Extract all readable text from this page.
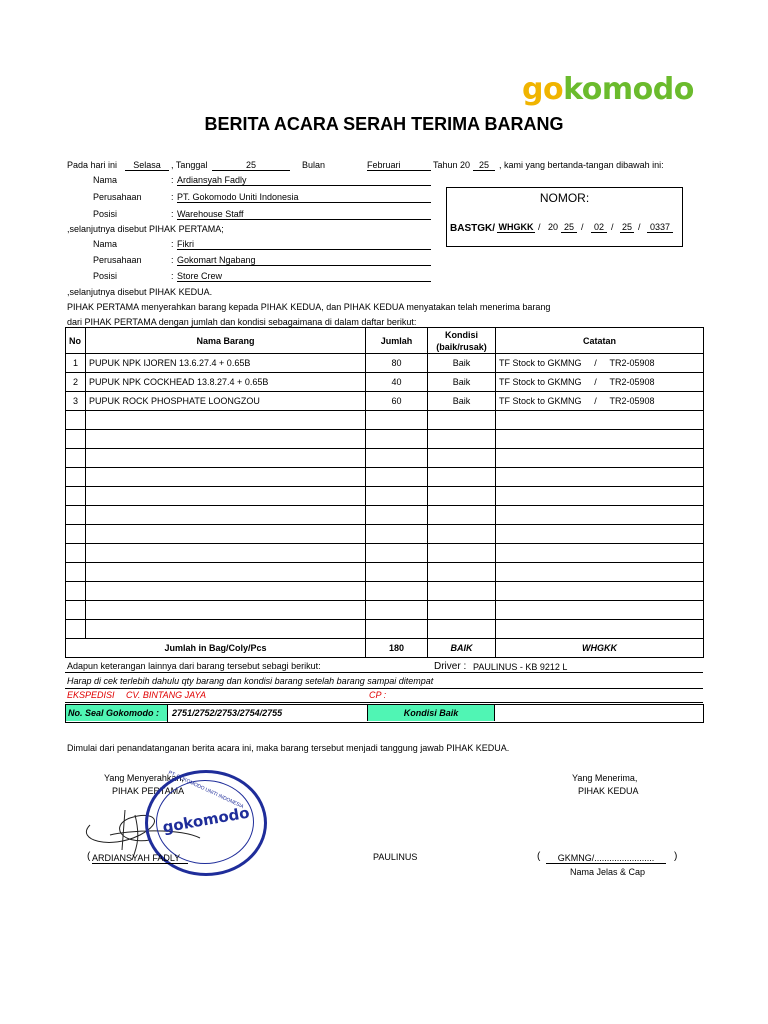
gokomodo
BERITA ACARA SERAH TERIMA BARANG
Pada hari ini	Selasa	, Tanggal	25	Bulan	Februari	Tahun 20 25	, kami yang bertanda-tangan dibawah ini:
Nama	: Ardiansyah Fadly
Perusahaan	: PT. Gokomodo Uniti Indonesia
Posisi	: Warehouse Staff
,selanjutnya disebut PIHAK PERTAMA;
Nama	: Fikri
Perusahaan	: Gokomart Ngabang
Posisi	: Store Crew
,selanjutnya disebut PIHAK KEDUA.
NOMOR:
BASTGK/ WHGKK / 20 25 /	02 / 25 /	0337
PIHAK PERTAMA menyerahkan barang kepada PIHAK KEDUA, dan PIHAK KEDUA menyatakan telah menerima barang
dari PIHAK PERTAMA dengan jumlah dan kondisi sebagaimana di dalam daftar berikut:
No	Nama Barang	Jumlah	Kondisi
(baik/rusak)	Catatan
1	PUPUK NPK IJOREN 13.6.27.4 + 0.65B	80	Baik	TF Stock to GKMNG / TR2-05908
2	PUPUK NPK COCKHEAD 13.8.27.4 + 0.65B	40	Baik	TF Stock to GKMNG / TR2-05908
3	PUPUK ROCK PHOSPHATE LOONGZOU	60	Baik	TF Stock to GKMNG / TR2-05908

Jumlah in Bag/Coly/Pcs		180	BAIK	WHGKK
Adapun keterangan lainnya dari barang tersebut sebagi berikut:	Driver : PAULINUS - KB 9212 L
Harap di cek terlebih dahulu qty barang dan kondisi barang setelah barang sampai ditempat
EKSPEDISI CV. BINTANG JAYA	CP :
No. Seal Gokomodo : 2751/2752/2753/2754/2755	Kondisi Baik
Dimulai dari penandatanganan berita acara ini, maka barang tersebut menjadi tanggung jawab PIHAK KEDUA.
Yang Menyerahkan,
PIHAK PERTAMA
Yang Menerima,
PIHAK KEDUA
gokomodo
PT. GOKOMODO UNITI INDONESIA
( ARDIANSYAH FADLY	PAULINUS	(	GKMNG/........................	)
Nama Jelas & Cap
